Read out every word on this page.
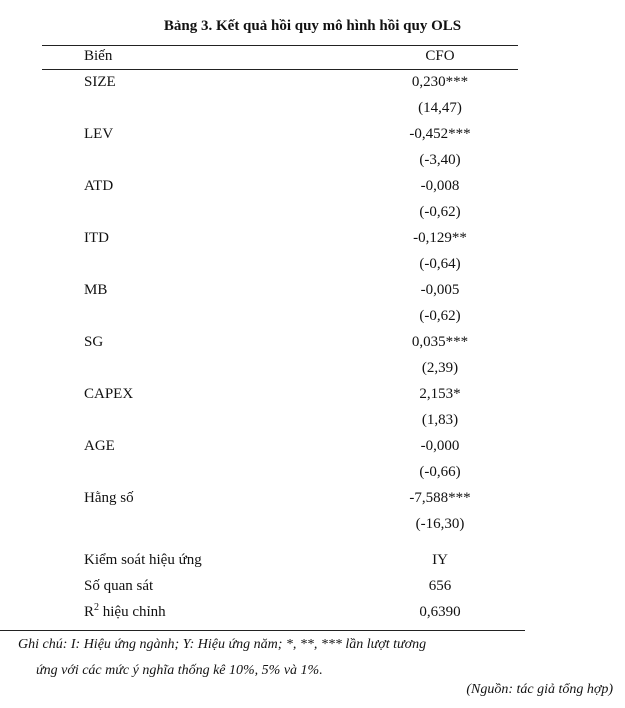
Bảng 3. Kết quả hồi quy mô hình hồi quy OLS
Biến	CFO
SIZE	0,230***
(14,47)
LEV	-0,452***
(-3,40)
ATD	-0,008
(-0,62)
ITD	-0,129**
(-0,64)
MB	-0,005
(-0,62)
SG	0,035***
(2,39)
CAPEX	2,153*
(1,83)
AGE	-0,000
(-0,66)
Hằng số	-7,588***
(-16,30)
Kiểm soát hiệu ứng	IY
Số quan sát	656
$R^2$ hiệu chỉnh	0,6390
Ghi chú: I: Hiệu ứng ngành; Y: Hiệu ứng năm; *, **, *** lần lượt tương
ứng với các mức ý nghĩa thống kê 10%, 5% và 1%.
(Nguồn: tác giả tổng hợp)
